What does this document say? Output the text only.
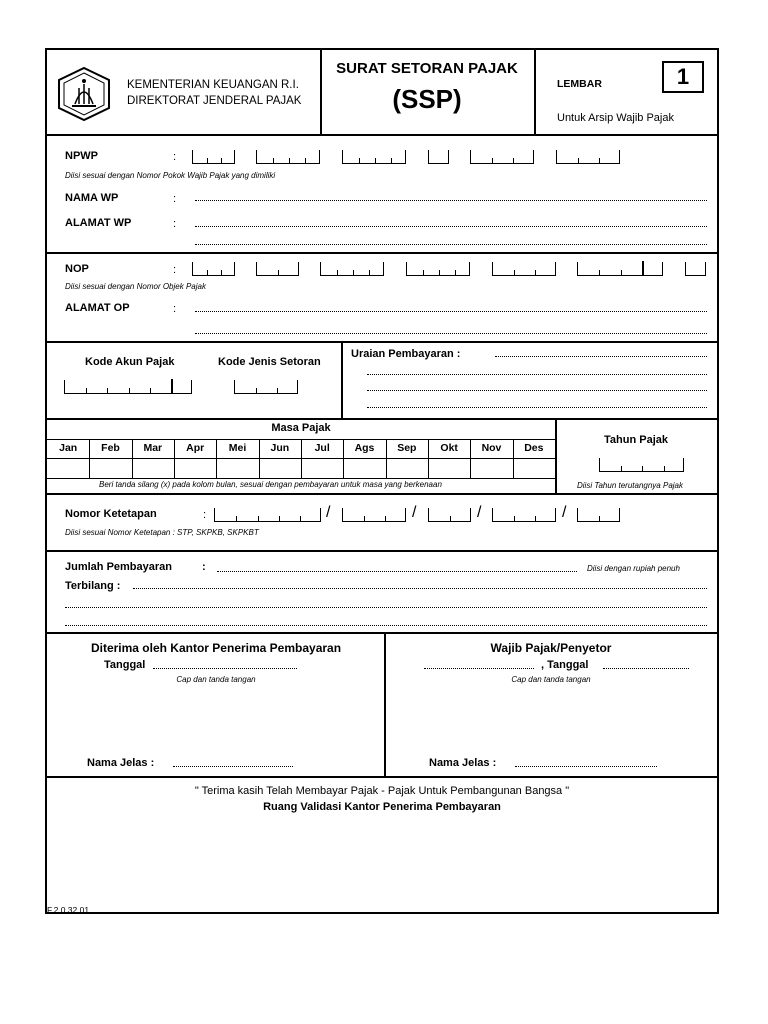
KEMENTERIAN KEUANGAN R.I.
DIREKTORAT JENDERAL PAJAK
SURAT SETORAN PAJAK
(SSP)	LEMBAR	1
Untuk Arsip Wajib Pajak
NPWP	:
Diisi sesuai dengan Nomor Pokok Wajib Pajak yang dimiliki
NAMA WP	:
ALAMAT WP	:
NOP	:
Diisi sesuai dengan Nomor Objek Pajak
ALAMAT OP	:
Kode Akun Pajak	Kode Jenis Setoran
Uraian Pembayaran :
Masa Pajak
Jan	Feb	Mar	Apr	Mei	Jun	Jul	Ags	Sep	Okt	Nov	Des
Beri tanda silang (x) pada kolom bulan, sesuai dengan pembayaran untuk masa yang berkenaan
Tahun Pajak
Diisi Tahun terutangnya Pajak
Nomor Ketetapan	:	/	/	/	/
Diisi sesuai Nomor Ketetapan : STP, SKPKB, SKPKBT
Jumlah Pembayaran	:	Diisi dengan rupiah penuh
Terbilang :
Diterima oleh Kantor Penerima Pembayaran
Tanggal
Cap dan tanda tangan
Nama Jelas :
Wajib Pajak/Penyetor
, Tanggal
Cap dan tanda tangan
Nama Jelas :
" Terima kasih Telah Membayar Pajak - Pajak Untuk Pembangunan Bangsa "
Ruang Validasi Kantor Penerima Pembayaran
F.2.0.32.01
